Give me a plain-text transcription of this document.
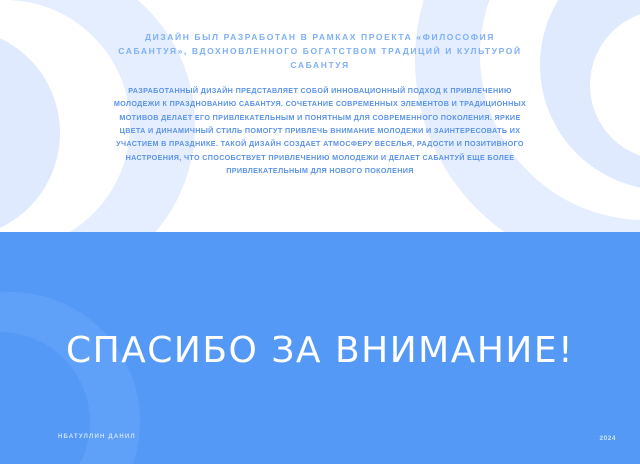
ДИЗАЙН БЫЛ РАЗРАБОТАН В РАМКАХ ПРОЕКТА «ФИЛОСОФИЯ САБАНТУЯ», ВДОХНОВЛЕННОГО БОГАТСТВОМ ТРАДИЦИЙ И КУЛЬТУРОЙ САБАНТУЯ
РАЗРАБОТАННЫЙ ДИЗАЙН ПРЕДСТАВЛЯЕТ СОБОЙ ИННОВАЦИОННЫЙ ПОДХОД К ПРИВЛЕЧЕНИЮ МОЛОДЕЖИ К ПРАЗДНОВАНИЮ САБАНТУЯ. СОЧЕТАНИЕ СОВРЕМЕННЫХ ЭЛЕМЕНТОВ И ТРАДИЦИОННЫХ МОТИВОВ ДЕЛАЕТ ЕГО ПРИВЛЕКАТЕЛЬНЫМ И ПОНЯТНЫМ ДЛЯ СОВРЕМЕННОГО ПОКОЛЕНИЯ. ЯРКИЕ ЦВЕТА И ДИНАМИЧНЫЙ СТИЛЬ ПОМОГУТ ПРИВЛЕЧЬ ВНИМАНИЕ МОЛОДЕЖИ И ЗАИНТЕРЕСОВАТЬ ИХ УЧАСТИЕМ В ПРАЗДНИКЕ. ТАКОЙ ДИЗАЙН СОЗДАЕТ АТМОСФЕРУ ВЕСЕЛЬЯ, РАДОСТИ И ПОЗИТИВНОГО НАСТРОЕНИЯ, ЧТО СПОСОБСТВУЕТ ПРИВЛЕЧЕНИЮ МОЛОДЕЖИ И ДЕЛАЕТ САБАНТУЙ ЕЩЕ БОЛЕЕ ПРИВЛЕКАТЕЛЬНЫМ ДЛЯ НОВОГО ПОКОЛЕНИЯ
СПАСИБО ЗА ВНИМАНИЕ!
НБАТУЛЛИН ДАНИЛ	2024
